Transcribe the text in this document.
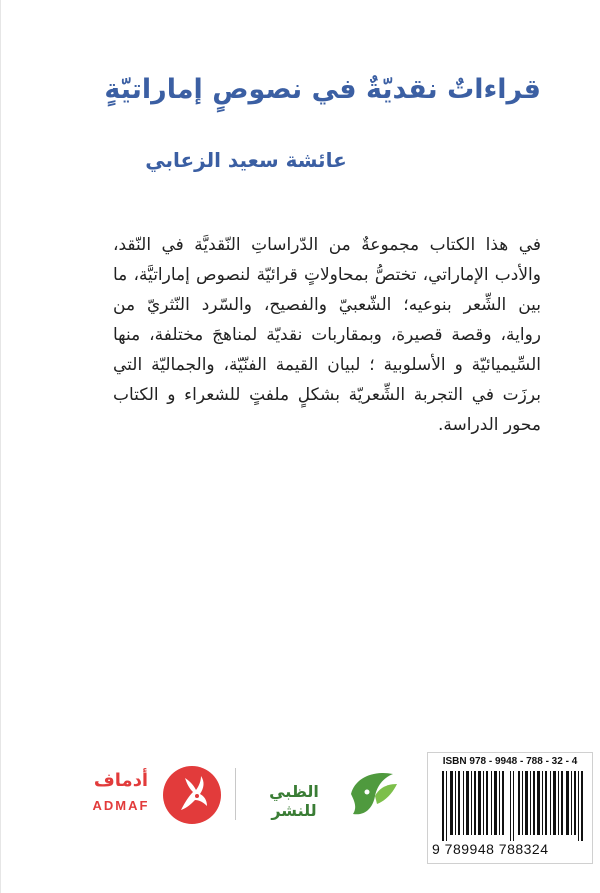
قراءاتٌ نقديّةٌ في نصوصٍ إماراتيّةٍ
عائشة سعيد الزعابي
في هذا الكتاب مجموعةٌ من الدّراساتِ النّقديَّة في النّقد، والأدب الإماراتي، تختصُّ بمحاولاتٍ قرائيّة لنصوص إماراتيَّة، ما بين الشِّعر بنوعيه؛ الشّعبيّ والفصيح، والسّرد النّثريّ من رواية، وقصة قصيرة، وبمقاربات نقديّة لمناهجَ مختلفة، منها السِّيميائيّة و الأسلوبية ؛ لبيان القيمة الفنّيّة، والجماليّة التي برزَت في التجربة الشِّعريّة بشكلٍ ملفتٍ للشعراء و الكتاب محور الدراسة.
أدماف
ADMAF
الظبي للنشر
ISBN 978 - 9948 - 788 - 32 - 4
9 789948 788324
